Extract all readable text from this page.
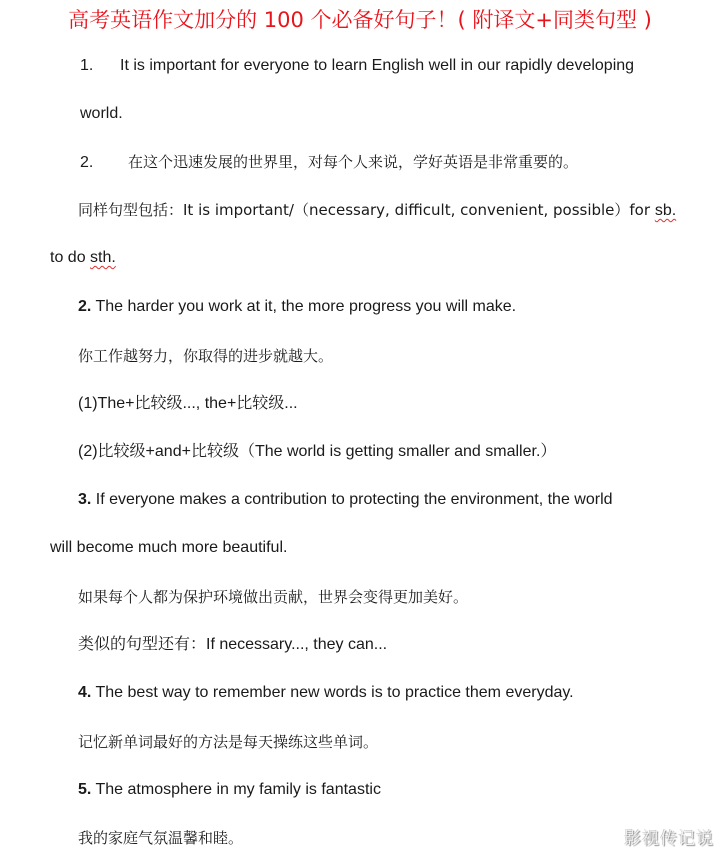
高考英语作文加分的 100 个必备好句子！( 附译文+同类句型 )
1. It is important for everyone to learn English well in our rapidly developing
world.
2. 在这个迅速发展的世界里，对每个人来说，学好英语是非常重要的。
同样句型包括：It is important/（necessary, difficult, convenient, possible）for sb.
to do sth.
2. The harder you work at it, the more progress you will make.
你工作越努力，你取得的进步就越大。
(1)The+比较级..., the+比较级...
(2)比较级+and+比较级（The world is getting smaller and smaller.）
3. If everyone makes a contribution to protecting the environment, the world
will become much more beautiful.
如果每个人都为保护环境做出贡献，世界会变得更加美好。
类似的句型还有：If necessary..., they can...
4. The best way to remember new words is to practice them everyday.
记忆新单词最好的方法是每天操练这些单词。
5. The atmosphere in my family is fantastic
我的家庭气氛温馨和睦。	影视传记说
